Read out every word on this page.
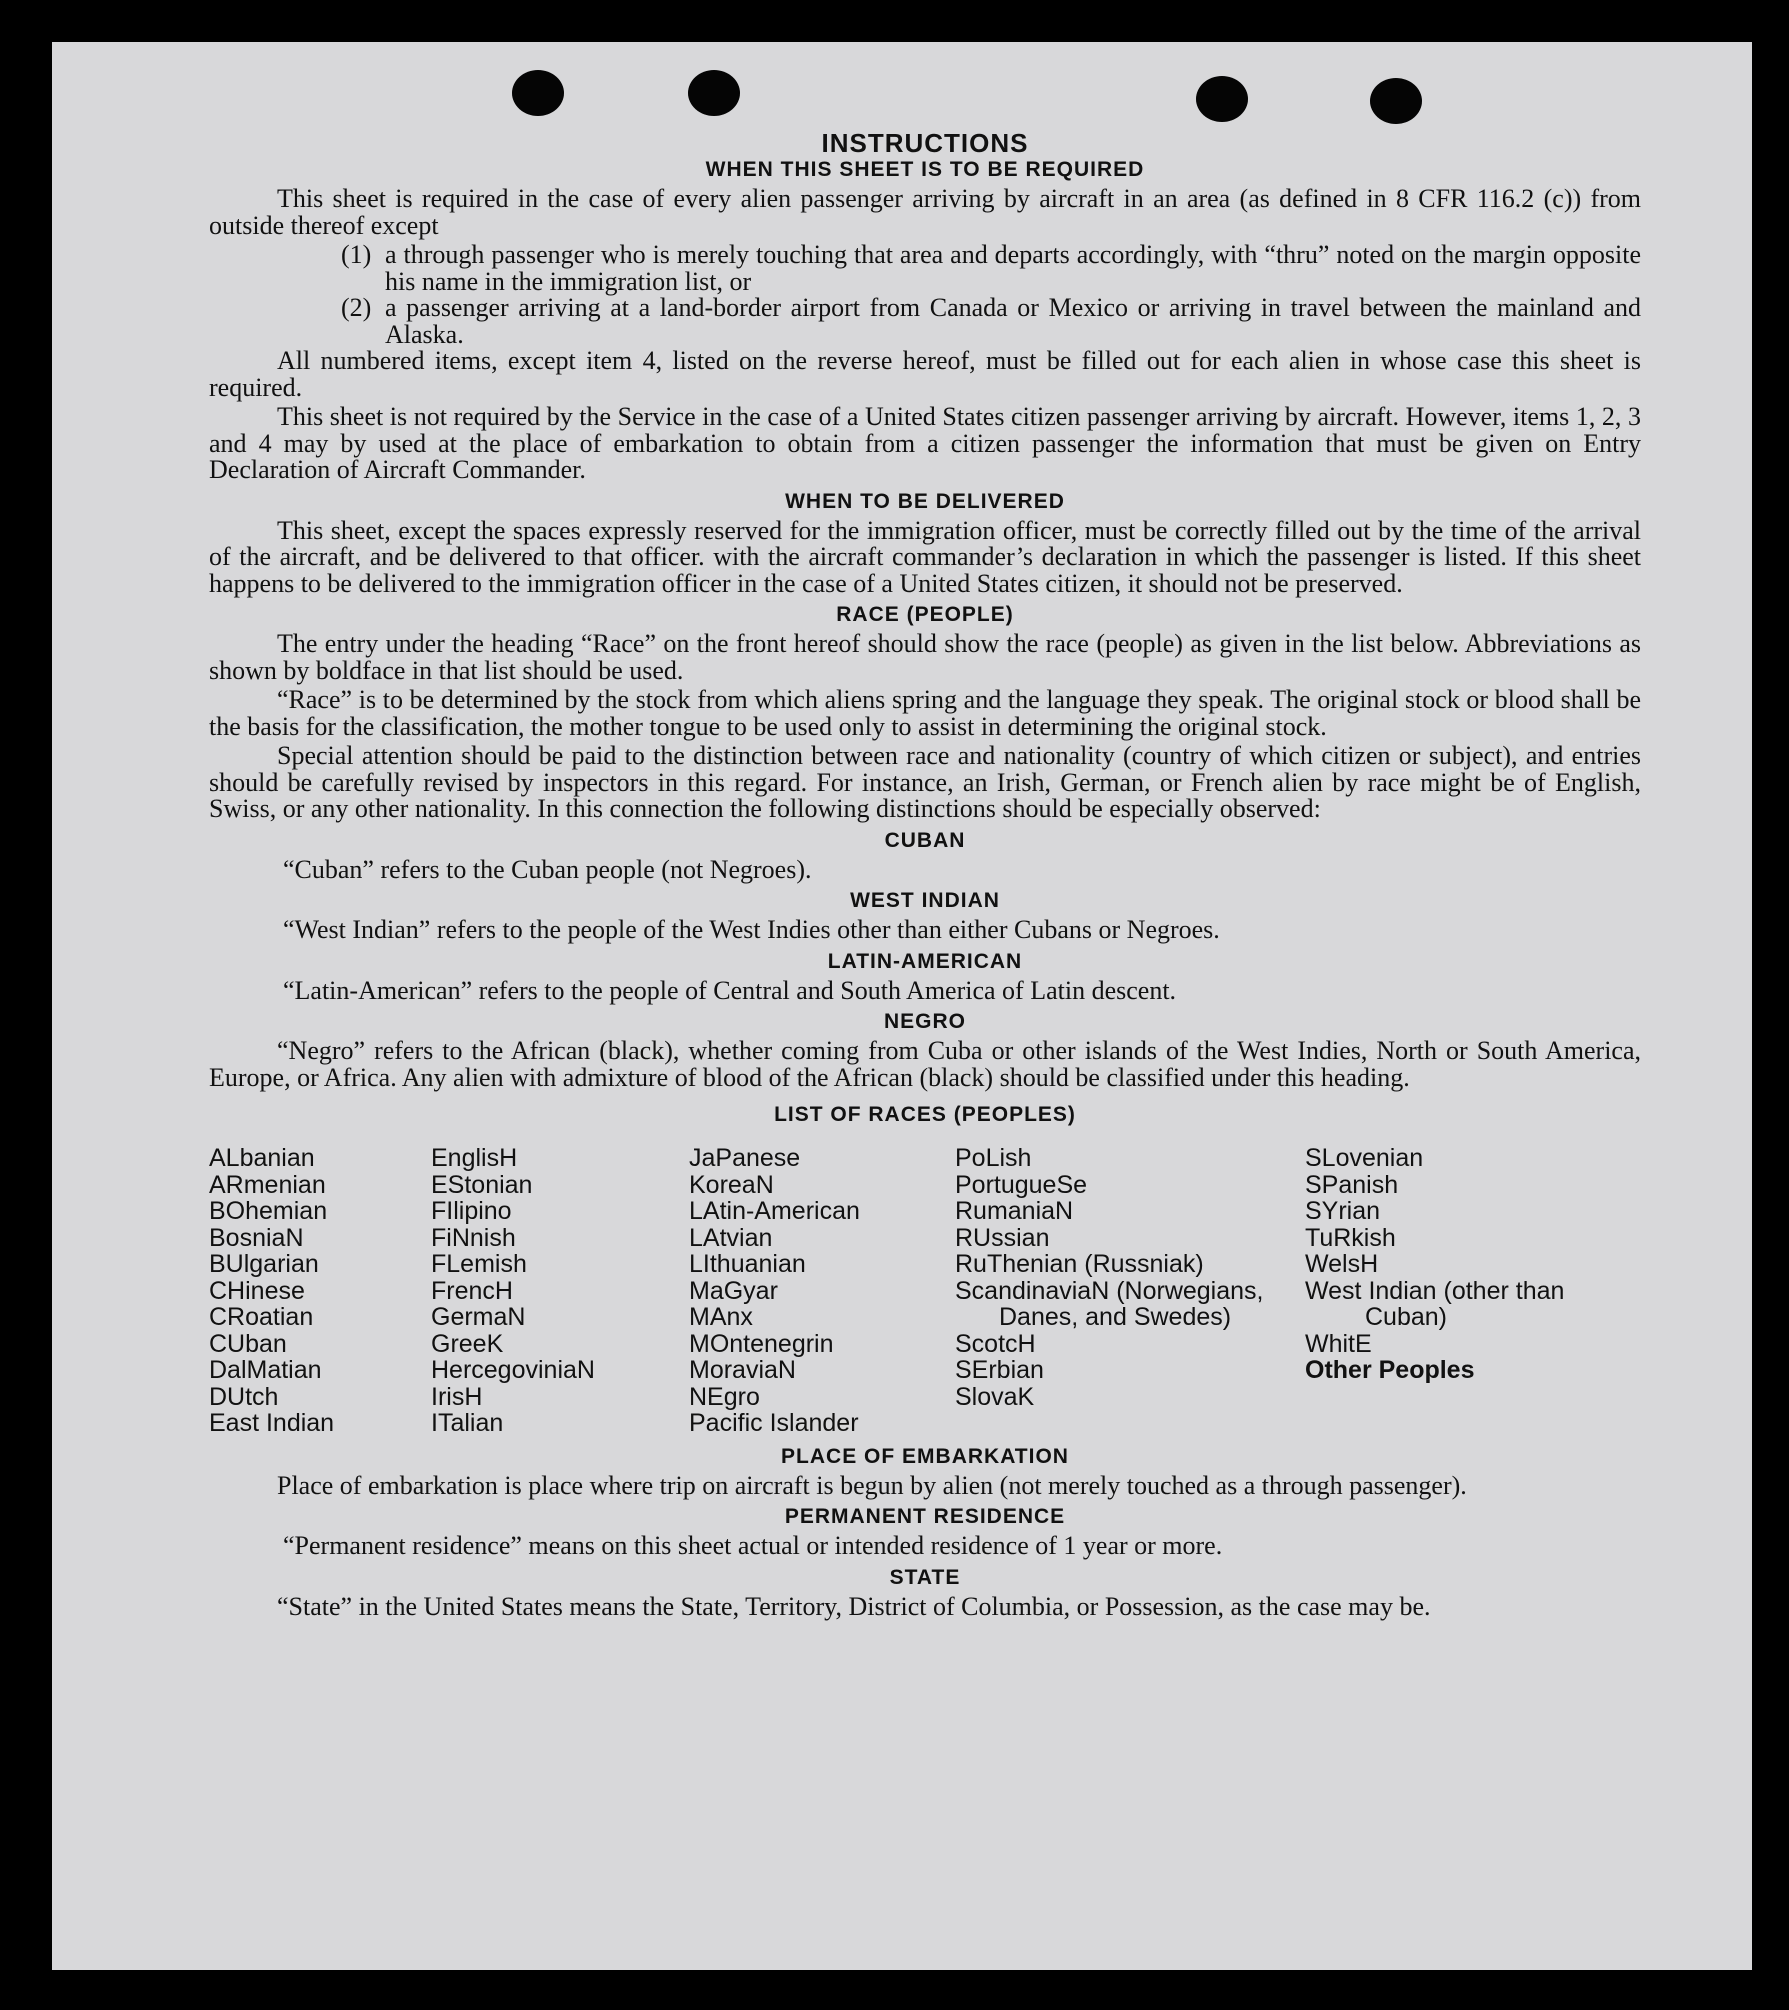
INSTRUCTIONS
WHEN THIS SHEET IS TO BE REQUIRED

This sheet is required in the case of every alien passenger arriving by aircraft in an area (as defined in 8 CFR 116.2 (c)) from outside thereof except

(1) a through passenger who is merely touching that area and departs accordingly, with “thru” noted on the margin opposite his name in the immigration list, or
(2) a passenger arriving at a land-border airport from Canada or Mexico or arriving in travel between the mainland and Alaska.

All numbered items, except item 4, listed on the reverse hereof, must be filled out for each alien in whose case this sheet is required.

This sheet is not required by the Service in the case of a United States citizen passenger arriving by aircraft. However, items 1, 2, 3 and 4 may by used at the place of embarkation to obtain from a citizen passenger the information that must be given on Entry Declaration of Aircraft Commander.

WHEN TO BE DELIVERED

This sheet, except the spaces expressly reserved for the immigration officer, must be correctly filled out by the time of the arrival of the aircraft, and be delivered to that officer. with the aircraft commander’s declaration in which the passenger is listed. If this sheet happens to be delivered to the immigration officer in the case of a United States citizen, it should not be preserved.

RACE (PEOPLE)

The entry under the heading “Race” on the front hereof should show the race (people) as given in the list below. Abbreviations as shown by boldface in that list should be used.

“Race” is to be determined by the stock from which aliens spring and the language they speak. The original stock or blood shall be the basis for the classification, the mother tongue to be used only to assist in determining the original stock.

Special attention should be paid to the distinction between race and nationality (country of which citizen or subject), and entries should be carefully revised by inspectors in this regard. For instance, an Irish, German, or French alien by race might be of English, Swiss, or any other nationality. In this connection the following distinctions should be especially observed:

CUBAN

“Cuban” refers to the Cuban people (not Negroes).

WEST INDIAN

“West Indian” refers to the people of the West Indies other than either Cubans or Negroes.

LATIN-AMERICAN

“Latin-American” refers to the people of Central and South America of Latin descent.

NEGRO

“Negro” refers to the African (black), whether coming from Cuba or other islands of the West Indies, North or South America, Europe, or Africa. Any alien with admixture of blood of the African (black) should be classified under this heading.

LIST OF RACES (PEOPLES)
ALbanian
ARmenian
BOhemian
BosniaN
BUlgarian
CHinese
CRoatian
CUban
DalMatian
DUtch
East Indian
EnglisH
EStonian
FIlipino
FiNnish
FLemish
FrencH
GermaN
GreeK
HercegoviniaN
IrisH
ITalian
JaPanese
KoreaN
LAtin-American
LAtvian
LIthuanian
MaGyar
MAnx
MOntenegrin
MoraviaN
NEgro
Pacific Islander
PoLish
PortugueSe
RumaniaN
RUssian
RuThenian (Russniak)
ScandinaviaN (Norwegians, Danes, and Swedes)
ScotcH
SErbian
SlovaK
SLovenian
SPanish
SYrian
TuRkish
WelsH
West Indian (other than Cuban)
WhitE
Other Peoples
PLACE OF EMBARKATION

Place of embarkation is place where trip on aircraft is begun by alien (not merely touched as a through passenger).

PERMANENT RESIDENCE

“Permanent residence” means on this sheet actual or intended residence of 1 year or more.

STATE

“State” in the United States means the State, Territory, District of Columbia, or Possession, as the case may be.
